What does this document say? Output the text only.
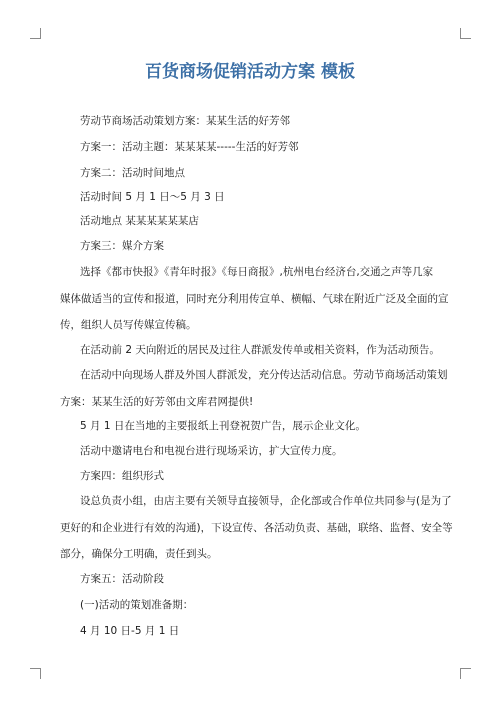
百货商场促销活动方案 模板
劳动节商场活动策划方案：某某生活的好芳邻
方案一：活动主题：某某某某-----生活的好芳邻
方案二：活动时间地点
活动时间 5 月 1 日～5 月 3 日
活动地点 某某某某某某店
方案三：媒介方案
选择《都市快报》《青年时报》《每日商报》,杭州电台经济台,交通之声等几家
媒体做适当的宣传和报道，同时充分利用传宣单、横幅、气球在附近广泛及全面的宣
传，组织人员写传媒宣传稿。
在活动前 2 天向附近的居民及过往人群派发传单或相关资料，作为活动预告。
在活动中向现场人群及外国人群派发，充分传达活动信息。劳动节商场活动策划
方案：某某生活的好芳邻由文库君网提供!
5 月 1 日在当地的主要报纸上刊登祝贺广告，展示企业文化。
活动中邀请电台和电视台进行现场采访，扩大宣传力度。
方案四：组织形式
设总负责小组，由店主要有关领导直接领导，企化部或合作单位共同参与(是为了
更好的和企业进行有效的沟通)，下设宣传、各活动负责、基础，联络、监督、安全等
部分，确保分工明确，责任到头。
方案五：活动阶段
(一)活动的策划准备期：
4 月 10 日-5 月 1 日
